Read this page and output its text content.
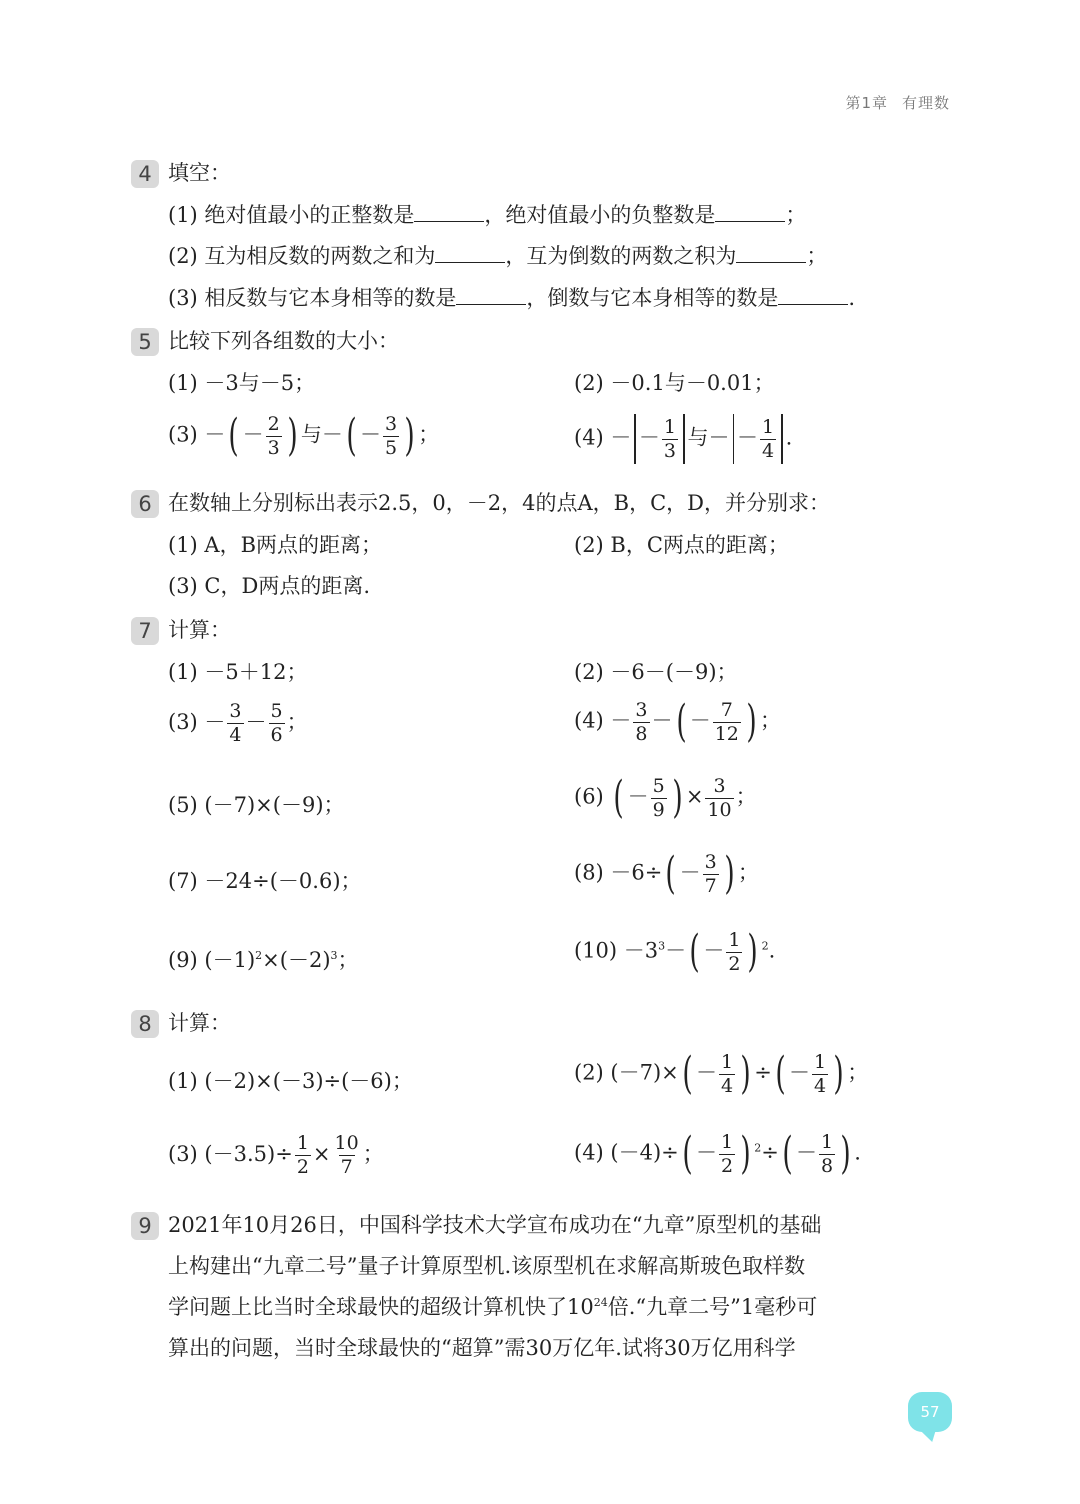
第1章 有理数
4 填空：
(1) 绝对值最小的正整数是	，绝对值最小的负整数是	；
(2) 互为相反数的两数之和为	，互为倒数的两数之积为	；
(3) 相反数与它本身相等的数是	，倒数与它本身相等的数是	.
5 比较下列各组数的大小：
(1) －3与－5；	(2) －0.1与－0.01；
(3) －( － $\frac{2}{3}$ ) 与－( － $\frac{3}{5}$ ) ；	(4) － － $\frac{1}{3}$ 与－ － $\frac{1}{4}$ .
6 在数轴上分别标出表示2.5，0，－2，4的点A，B，C，D，并分别求：
(1) A，B两点的距离；	(2) B，C两点的距离；
(3) C，D两点的距离.
7 计算：
(1) －5＋12；	(2) －6－(－9)；
$(3) - \frac{3}{4} - \frac{5}{6}$ ；	$(4) - \frac{3}{8}$ －( － $\frac{7}{12}$ ) ；
(5) (－7)×(－9)；	(6) ( － $\frac{5}{9}$ ) × $\frac{3}{10}$ ；
(7) －24÷(－0.6)；	$(8) -6\div( - \frac{3}{7}$ ) ；
(9) $(-1)^2\times(-2)^3$；	$(10) -3^3-( - \frac{1}{2}$ ) $^2$.
8 计算：
(1) (－2)×(－3)÷(－6)；	(2) $(-7)\times( - \frac{1}{4}$ ) ÷( － $\frac{1}{4}$ ) ；
(3) $(-3.5)\div \frac{1}{2} \times \frac{10}{7}$ ；	(4) $(-4)\div( - \frac{1}{2}$ ) $^2\div( - \frac{1}{8}$ ) .
9 2021年10月26日，中国科学技术大学宣布成功在“九章”原型机的基础
上构建出“九章二号”量子计算原型机.该原型机在求解高斯玻色取样数
学问题上比当时全球最快的超级计算机快了$10^{24}$倍.“九章二号”1毫秒可
算出的问题，当时全球最快的“超算”需30万亿年.试将30万亿用科学
57
